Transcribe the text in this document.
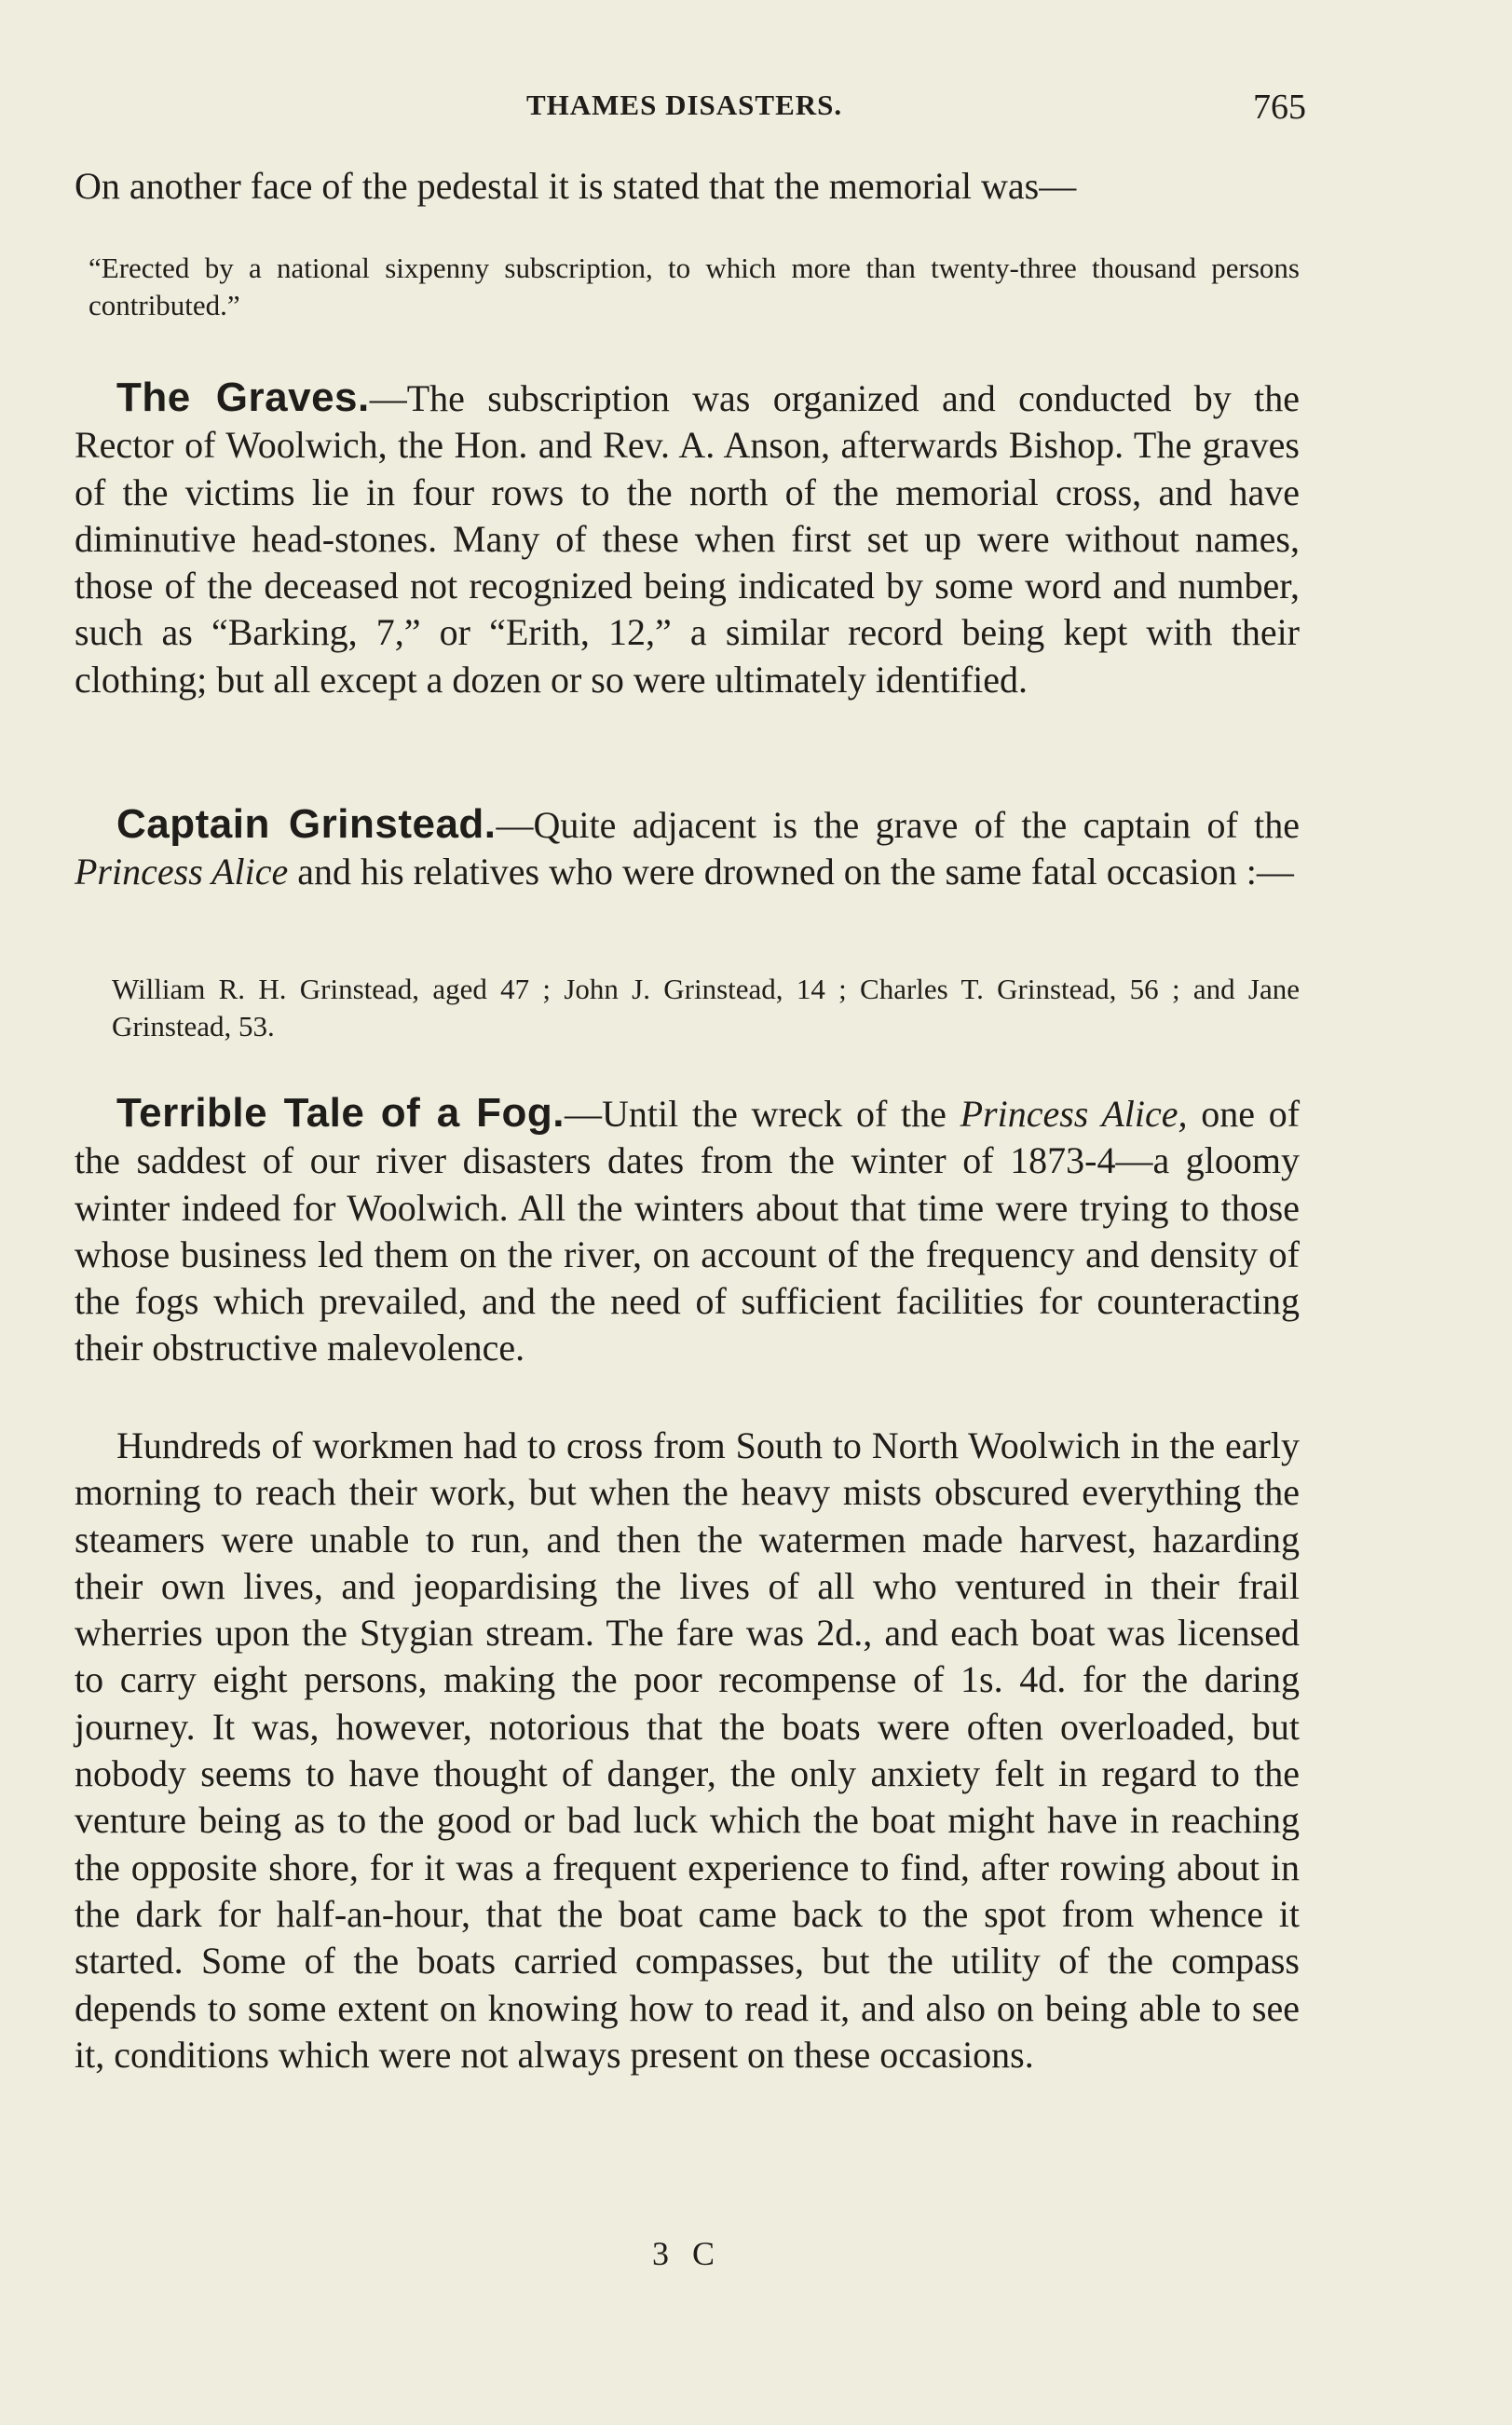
THAMES DISASTERS.	765

On another face of the pedestal it is stated that the memorial was—

“Erected by a national sixpenny subscription, to which more than twenty-three thousand persons contributed.”

The Graves.—The subscription was organized and conducted by the Rector of Woolwich, the Hon. and Rev. A. Anson, afterwards Bishop. The graves of the victims lie in four rows to the north of the memorial cross, and have diminutive head-stones. Many of these when first set up were without names, those of the deceased not recognized being indicated by some word and number, such as “Barking, 7,” or “Erith, 12,” a similar record being kept with their clothing; but all except a dozen or so were ultimately identified.

Captain Grinstead.—Quite adjacent is the grave of the captain of the Princess Alice and his relatives who were drowned on the same fatal occasion :—

William R. H. Grinstead, aged 47 ; John J. Grinstead, 14 ; Charles T. Grinstead, 56 ; and Jane Grinstead, 53.

Terrible Tale of a Fog.—Until the wreck of the Princess Alice, one of the saddest of our river disasters dates from the winter of 1873-4—a gloomy winter indeed for Woolwich. All the winters about that time were trying to those whose business led them on the river, on account of the frequency and density of the fogs which prevailed, and the need of sufficient facilities for counteracting their obstructive malevolence.

Hundreds of workmen had to cross from South to North Woolwich in the early morning to reach their work, but when the heavy mists obscured everything the steamers were unable to run, and then the watermen made harvest, hazarding their own lives, and jeopardising the lives of all who ventured in their frail wherries upon the Stygian stream. The fare was 2d., and each boat was licensed to carry eight persons, making the poor recompense of 1s. 4d. for the daring journey. It was, however, notorious that the boats were often overloaded, but nobody seems to have thought of danger, the only anxiety felt in regard to the venture being as to the good or bad luck which the boat might have in reaching the opposite shore, for it was a frequent experience to find, after rowing about in the dark for half-an-hour, that the boat came back to the spot from whence it started. Some of the boats carried compasses, but the utility of the compass depends to some extent on knowing how to read it, and also on being able to see it, conditions which were not always present on these occasions.

3 C
